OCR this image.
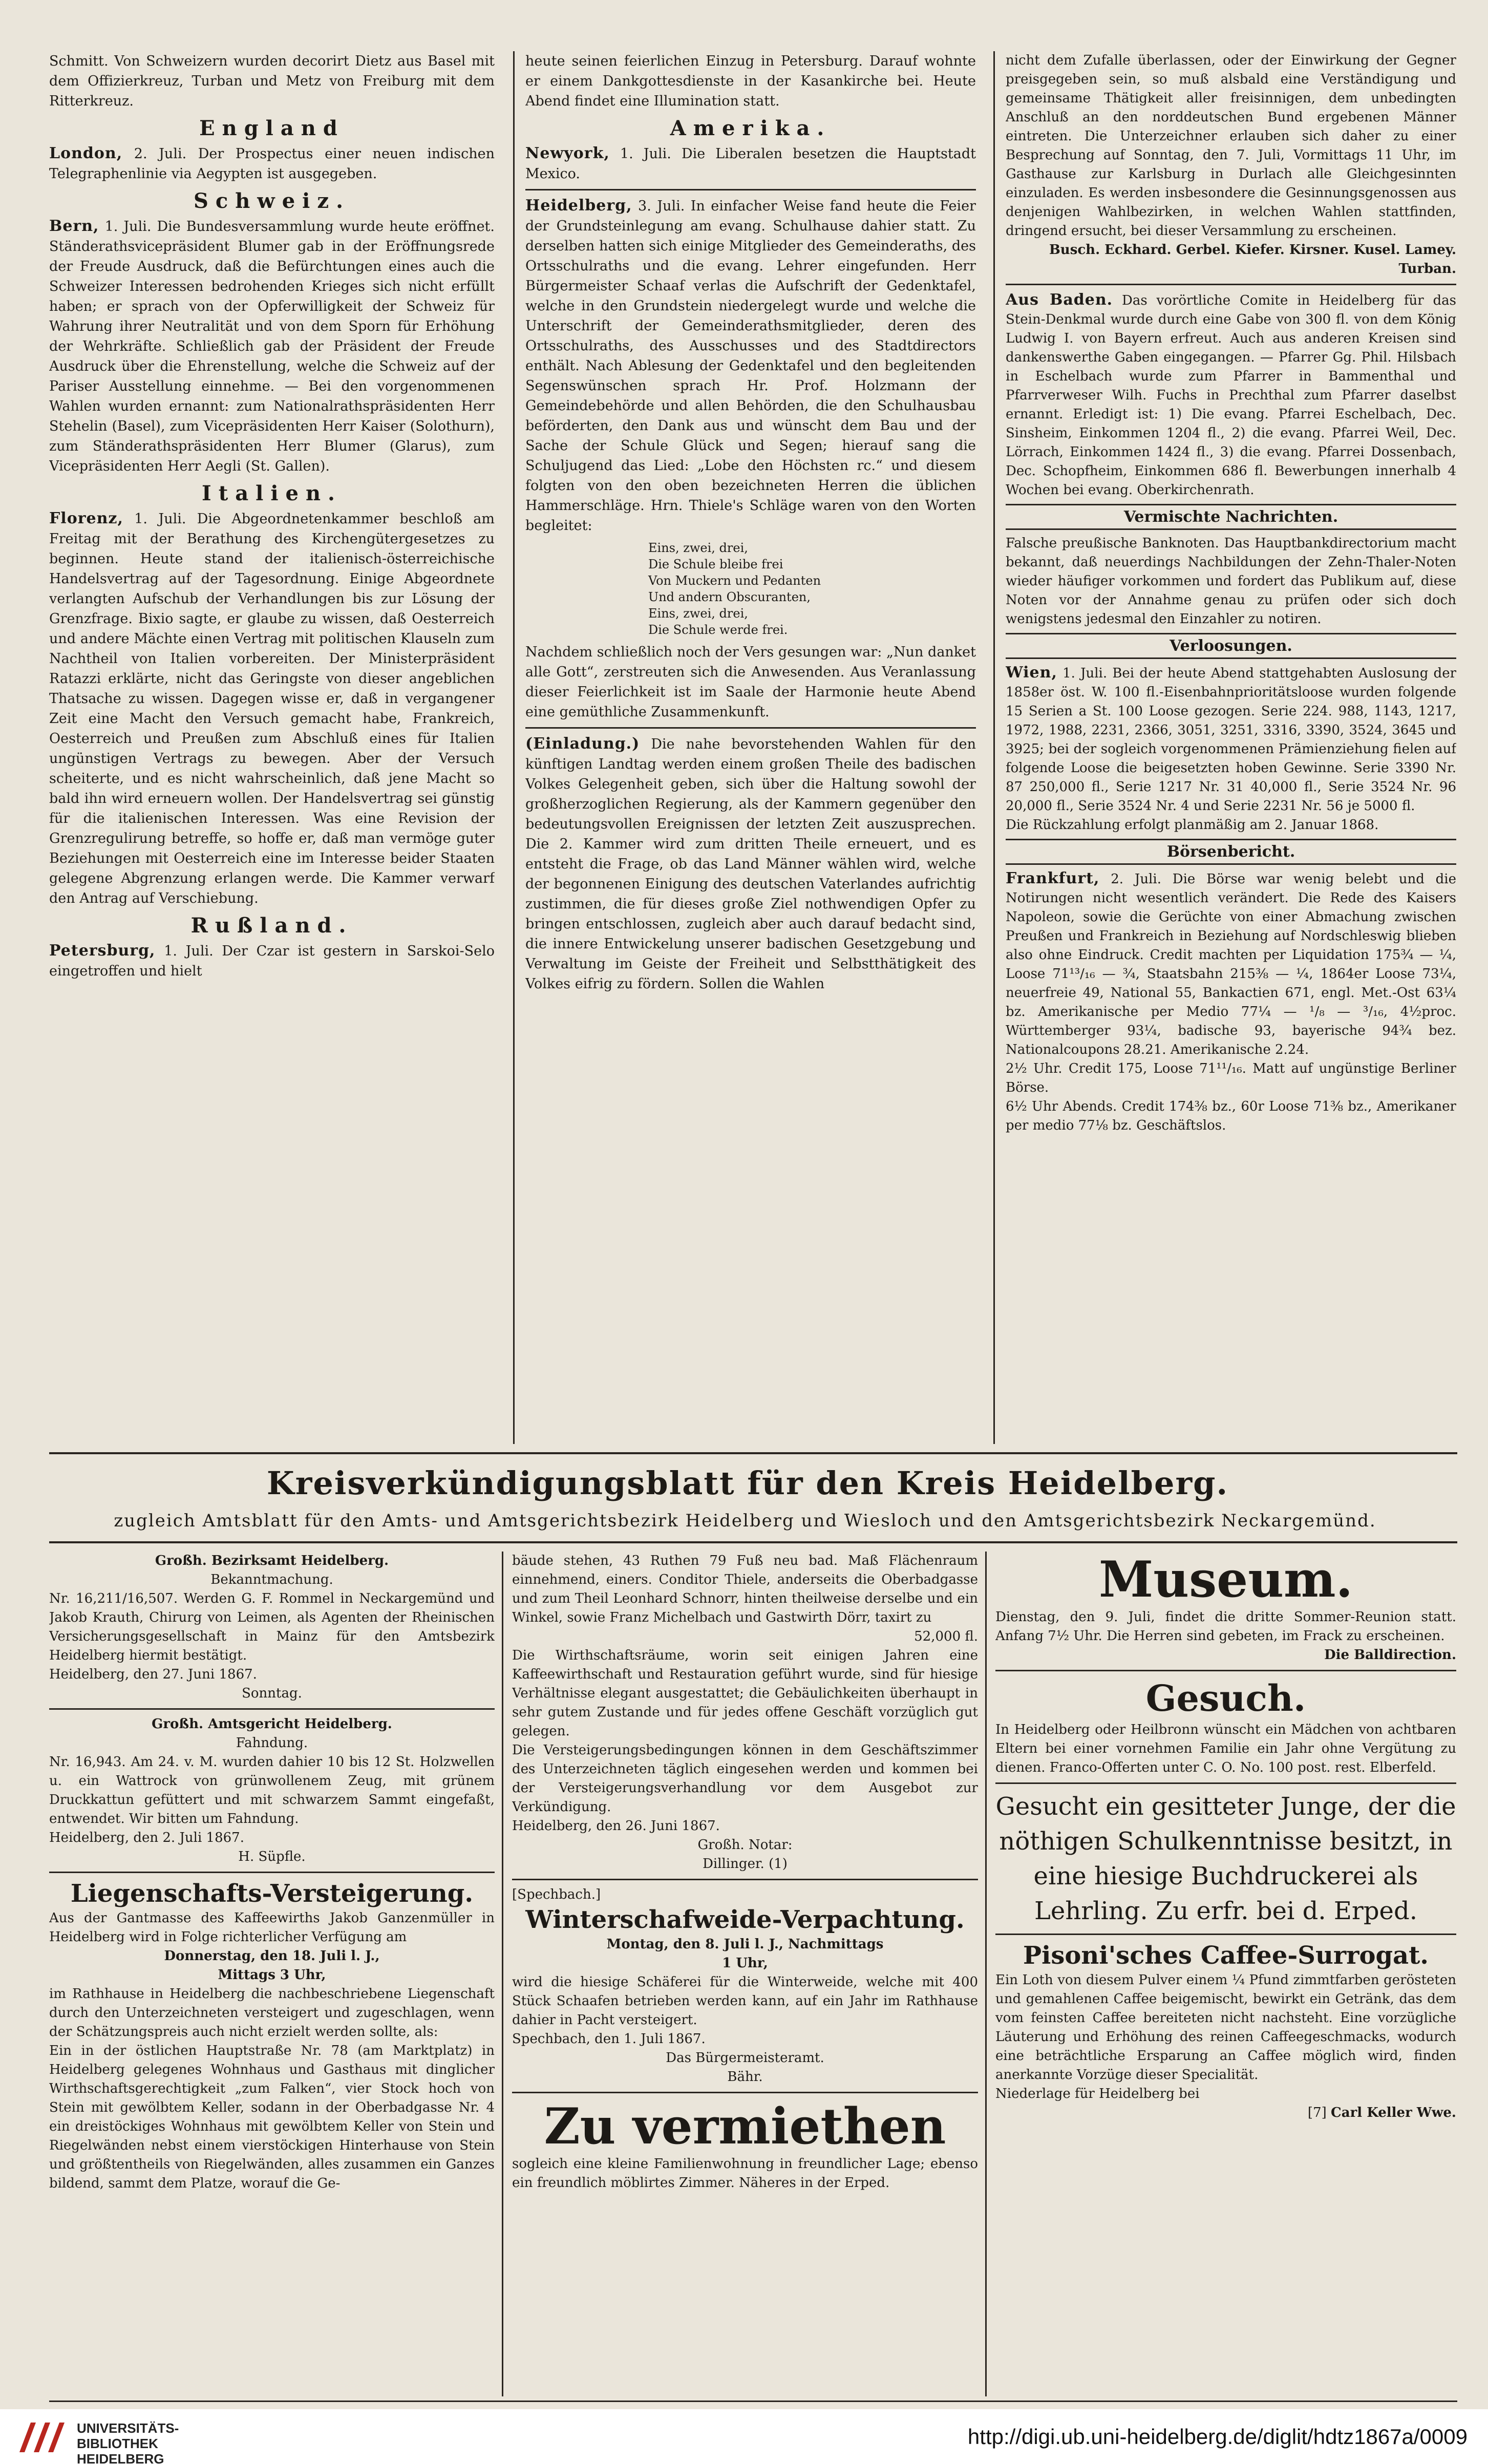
Schmitt. Von Schweizern wurden decorirt Dietz aus Basel mit dem Offizierkreuz, Turban und Metz von Freiburg mit dem Ritterkreuz.

England

London, 2. Juli. Der Prospectus einer neuen indischen Telegraphenlinie via Aegypten ist ausgegeben.

Schweiz.

Bern, 1. Juli. Die Bundesversammlung wurde heute eröffnet. Ständerathsvicepräsident Blumer gab in der Eröffnungsrede der Freude Ausdruck, daß die Befürchtungen eines auch die Schweizer Interessen bedrohenden Krieges sich nicht erfüllt haben; er sprach von der Opferwilligkeit der Schweiz für Wahrung ihrer Neutralität und von dem Sporn für Erhöhung der Wehrkräfte. Schließlich gab der Präsident der Freude Ausdruck über die Ehrenstellung, welche die Schweiz auf der Pariser Ausstellung einnehme. — Bei den vorgenommenen Wahlen wurden ernannt: zum Nationalrathspräsidenten Herr Stehelin (Basel), zum Vicepräsidenten Herr Kaiser (Solothurn), zum Ständerathspräsidenten Herr Blumer (Glarus), zum Vicepräsidenten Herr Aegli (St. Gallen).

Italien.

Florenz, 1. Juli. Die Abgeordnetenkammer beschloß am Freitag mit der Berathung des Kirchengütergesetzes zu beginnen. Heute stand der italienisch-österreichische Handelsvertrag auf der Tagesordnung. Einige Abgeordnete verlangten Aufschub der Verhandlungen bis zur Lösung der Grenzfrage. Bixio sagte, er glaube zu wissen, daß Oesterreich und andere Mächte einen Vertrag mit politischen Klauseln zum Nachtheil von Italien vorbereiten. Der Ministerpräsident Ratazzi erklärte, nicht das Geringste von dieser angeblichen Thatsache zu wissen. Dagegen wisse er, daß in vergangener Zeit eine Macht den Versuch gemacht habe, Frankreich, Oesterreich und Preußen zum Abschluß eines für Italien ungünstigen Vertrags zu bewegen. Aber der Versuch scheiterte, und es nicht wahrscheinlich, daß jene Macht so bald ihn wird erneuern wollen. Der Handelsvertrag sei günstig für die italienischen Interessen. Was eine Revision der Grenzregulirung betreffe, so hoffe er, daß man vermöge guter Beziehungen mit Oesterreich eine im Interesse beider Staaten gelegene Abgrenzung erlangen werde. Die Kammer verwarf den Antrag auf Verschiebung.

Rußland.

Petersburg, 1. Juli. Der Czar ist gestern in Sarskoi-Selo eingetroffen und hielt

heute seinen feierlichen Einzug in Petersburg. Darauf wohnte er einem Dankgottesdienste in der Kasankirche bei. Heute Abend findet eine Illumination statt.

Amerika.

Newyork, 1. Juli. Die Liberalen besetzen die Hauptstadt Mexico.

Heidelberg, 3. Juli. In einfacher Weise fand heute die Feier der Grundsteinlegung am evang. Schulhause dahier statt. Zu derselben hatten sich einige Mitglieder des Gemeinderaths, des Ortsschulraths und die evang. Lehrer eingefunden. Herr Bürgermeister Schaaf verlas die Aufschrift der Gedenktafel, welche in den Grundstein niedergelegt wurde und welche die Unterschrift der Gemeinderathsmitglieder, deren des Ortsschulraths, des Ausschusses und des Stadtdirectors enthält. Nach Ablesung der Gedenktafel und den begleitenden Segenswünschen sprach Hr. Prof. Holzmann der Gemeindebehörde und allen Behörden, die den Schulhausbau beförderten, den Dank aus und wünscht dem Bau und der Sache der Schule Glück und Segen; hierauf sang die Schuljugend das Lied: „Lobe den Höchsten rc.“ und diesem folgten von den oben bezeichneten Herren die üblichen Hammerschläge. Hrn. Thiele's Schläge waren von den Worten begleitet:

Eins, zwei, drei,
Die Schule bleibe frei
Von Muckern und Pedanten
Und andern Obscuranten,
Eins, zwei, drei,
Die Schule werde frei.

Nachdem schließlich noch der Vers gesungen war: „Nun danket alle Gott“, zerstreuten sich die Anwesenden. Aus Veranlassung dieser Feierlichkeit ist im Saale der Harmonie heute Abend eine gemüthliche Zusammenkunft.

(Einladung.) Die nahe bevorstehenden Wahlen für den künftigen Landtag werden einem großen Theile des badischen Volkes Gelegenheit geben, sich über die Haltung sowohl der großherzoglichen Regierung, als der Kammern gegenüber den bedeutungsvollen Ereignissen der letzten Zeit auszusprechen. Die 2. Kammer wird zum dritten Theile erneuert, und es entsteht die Frage, ob das Land Männer wählen wird, welche der begonnenen Einigung des deutschen Vaterlandes aufrichtig zustimmen, die für dieses große Ziel nothwendigen Opfer zu bringen entschlossen, zugleich aber auch darauf bedacht sind, die innere Entwickelung unserer badischen Gesetzgebung und Verwaltung im Geiste der Freiheit und Selbstthätigkeit des Volkes eifrig zu fördern. Sollen die Wahlen

nicht dem Zufalle überlassen, oder der Einwirkung der Gegner preisgegeben sein, so muß alsbald eine Verständigung und gemeinsame Thätigkeit aller freisinnigen, dem unbedingten Anschluß an den norddeutschen Bund ergebenen Männer eintreten. Die Unterzeichner erlauben sich daher zu einer Besprechung auf Sonntag, den 7. Juli, Vormittags 11 Uhr, im Gasthause zur Karlsburg in Durlach alle Gleichgesinnten einzuladen. Es werden insbesondere die Gesinnungsgenossen aus denjenigen Wahlbezirken, in welchen Wahlen stattfinden, dringend ersucht, bei dieser Versammlung zu erscheinen.

Busch. Eckhard. Gerbel. Kiefer. Kirsner. Kusel. Lamey. Turban.

Aus Baden. Das vorörtliche Comite in Heidelberg für das Stein-Denkmal wurde durch eine Gabe von 300 fl. von dem König Ludwig I. von Bayern erfreut. Auch aus anderen Kreisen sind dankenswerthe Gaben eingegangen. — Pfarrer Gg. Phil. Hilsbach in Eschelbach wurde zum Pfarrer in Bammenthal und Pfarrverweser Wilh. Fuchs in Prechthal zum Pfarrer daselbst ernannt. Erledigt ist: 1) Die evang. Pfarrei Eschelbach, Dec. Sinsheim, Einkommen 1204 fl., 2) die evang. Pfarrei Weil, Dec. Lörrach, Einkommen 1424 fl., 3) die evang. Pfarrei Dossenbach, Dec. Schopfheim, Einkommen 686 fl. Bewerbungen innerhalb 4 Wochen bei evang. Oberkirchenrath.

Vermischte Nachrichten.

Falsche preußische Banknoten. Das Hauptbankdirectorium macht bekannt, daß neuerdings Nachbildungen der Zehn-Thaler-Noten wieder häufiger vorkommen und fordert das Publikum auf, diese Noten vor der Annahme genau zu prüfen oder sich doch wenigstens jedesmal den Einzahler zu notiren.

Verloosungen.

Wien, 1. Juli. Bei der heute Abend stattgehabten Auslosung der 1858er öst. W. 100 fl.-Eisenbahnprioritätsloose wurden folgende 15 Serien a St. 100 Loose gezogen. Serie 224. 988, 1143, 1217, 1972, 1988, 2231, 2366, 3051, 3251, 3316, 3390, 3524, 3645 und 3925; bei der sogleich vorgenommenen Prämienziehung fielen auf folgende Loose die beigesetzten hoben Gewinne. Serie 3390 Nr. 87 250,000 fl., Serie 1217 Nr. 31 40,000 fl., Serie 3524 Nr. 96 20,000 fl., Serie 3524 Nr. 4 und Serie 2231 Nr. 56 je 5000 fl.

Die Rückzahlung erfolgt planmäßig am 2. Januar 1868.

Börsenbericht.

Frankfurt, 2. Juli. Die Börse war wenig belebt und die Notirungen nicht wesentlich verändert. Die Rede des Kaisers Napoleon, sowie die Gerüchte von einer Abmachung zwischen Preußen und Frankreich in Beziehung auf Nordschleswig blieben also ohne Eindruck. Credit machten per Liquidation 175¾ — ¼, Loose 71¹³/₁₆ — ¾, Staatsbahn 215⅜ — ¼, 1864er Loose 73¼, neuerfreie 49, National 55, Bankactien 671, engl. Met.-Ost 63¼ bz. Amerikanische per Medio 77¼ — ¹/₈ — ³/₁₆, 4½proc. Württemberger 93¼, badische 93, bayerische 94¾ bez. Nationalcoupons 28.21. Amerikanische 2.24.

2½ Uhr. Credit 175, Loose 71¹¹/₁₆. Matt auf ungünstige Berliner Börse.

6½ Uhr Abends. Credit 174⅜ bz., 60r Loose 71⅜ bz., Amerikaner per medio 77⅛ bz. Geschäftslos.

Kreisverkündigungsblatt für den Kreis Heidelberg.
zugleich Amtsblatt für den Amts- und Amtsgerichtsbezirk Heidelberg und Wiesloch und den Amtsgerichtsbezirk Neckargemünd.

Großh. Bezirksamt Heidelberg.

Bekanntmachung.

Nr. 16,211/16,507. Werden G. F. Rommel in Neckargemünd und Jakob Krauth, Chirurg von Leimen, als Agenten der Rheinischen Versicherungsgesellschaft in Mainz für den Amtsbezirk Heidelberg hiermit bestätigt.

Heidelberg, den 27. Juni 1867.

Sonntag.

Großh. Amtsgericht Heidelberg.

Fahndung.

Nr. 16,943. Am 24. v. M. wurden dahier 10 bis 12 St. Holzwellen u. ein Wattrock von grünwollenem Zeug, mit grünem Druckkattun gefüttert und mit schwarzem Sammt eingefaßt, entwendet. Wir bitten um Fahndung.

Heidelberg, den 2. Juli 1867.

H. Süpfle.

Liegenschafts-Versteigerung.

Aus der Gantmasse des Kaffeewirths Jakob Ganzenmüller in Heidelberg wird in Folge richterlicher Verfügung am

Donnerstag, den 18. Juli l. J.,

Mittags 3 Uhr,

im Rathhause in Heidelberg die nachbeschriebene Liegenschaft durch den Unterzeichneten versteigert und zugeschlagen, wenn der Schätzungspreis auch nicht erzielt werden sollte, als:

Ein in der östlichen Hauptstraße Nr. 78 (am Marktplatz) in Heidelberg gelegenes Wohnhaus und Gasthaus mit dinglicher Wirthschaftsgerechtigkeit „zum Falken“, vier Stock hoch von Stein mit gewölbtem Keller, sodann in der Oberbadgasse Nr. 4 ein dreistöckiges Wohnhaus mit gewölbtem Keller von Stein und Riegelwänden nebst einem vierstöckigen Hinterhause von Stein und größtentheils von Riegelwänden, alles zusammen ein Ganzes bildend, sammt dem Platze, worauf die Ge-

bäude stehen, 43 Ruthen 79 Fuß neu bad. Maß Flächenraum einnehmend, einers. Conditor Thiele, anderseits die Oberbadgasse und zum Theil Leonhard Schnorr, hinten theilweise derselbe und ein Winkel, sowie Franz Michelbach und Gastwirth Dörr, taxirt zu

52,000 fl.

Die Wirthschaftsräume, worin seit einigen Jahren eine Kaffeewirthschaft und Restauration geführt wurde, sind für hiesige Verhältnisse elegant ausgestattet; die Gebäulichkeiten überhaupt in sehr gutem Zustande und für jedes offene Geschäft vorzüglich gut gelegen.

Die Versteigerungsbedingungen können in dem Geschäftszimmer des Unterzeichneten täglich eingesehen werden und kommen bei der Versteigerungsverhandlung vor dem Ausgebot zur Verkündigung.

Heidelberg, den 26. Juni 1867.

Großh. Notar:

Dillinger. (1)

[Spechbach.]

Winterschafweide-Verpachtung.

Montag, den 8. Juli l. J., Nachmittags

1 Uhr,

wird die hiesige Schäferei für die Winterweide, welche mit 400 Stück Schaafen betrieben werden kann, auf ein Jahr im Rathhause dahier in Pacht versteigert.

Spechbach, den 1. Juli 1867.

Das Bürgermeisteramt.

Bähr.

Zu vermiethen

sogleich eine kleine Familienwohnung in freundlicher Lage; ebenso ein freundlich möblirtes Zimmer. Näheres in der Erped.

Museum.

Dienstag, den 9. Juli, findet die dritte Sommer-Reunion statt. Anfang 7½ Uhr. Die Herren sind gebeten, im Frack zu erscheinen.

Die Balldirection.

Gesuch.

In Heidelberg oder Heilbronn wünscht ein Mädchen von achtbaren Eltern bei einer vornehmen Familie ein Jahr ohne Vergütung zu dienen. Franco-Offerten unter C. O. No. 100 post. rest. Elberfeld.

Gesucht ein gesitteter Junge, der die nöthigen Schulkenntnisse besitzt, in eine hiesige Buchdruckerei als Lehrling. Zu erfr. bei d. Erped.

Pisoni'sches Caffee-Surrogat.

Ein Loth von diesem Pulver einem ¼ Pfund zimmtfarben gerösteten und gemahlenen Caffee beigemischt, bewirkt ein Getränk, das dem vom feinsten Caffee bereiteten nicht nachsteht. Eine vorzügliche Läuterung und Erhöhung des reinen Caffeegeschmacks, wodurch eine beträchtliche Ersparung an Caffee möglich wird, finden anerkannte Vorzüge dieser Specialität.

Niederlage für Heidelberg bei

[7] Carl Keller Wwe.

UNIVERSITÄTS-
BIBLIOTHEK
HEIDELBERG
http://digi.ub.uni-heidelberg.de/diglit/hdtz1867a/0009
